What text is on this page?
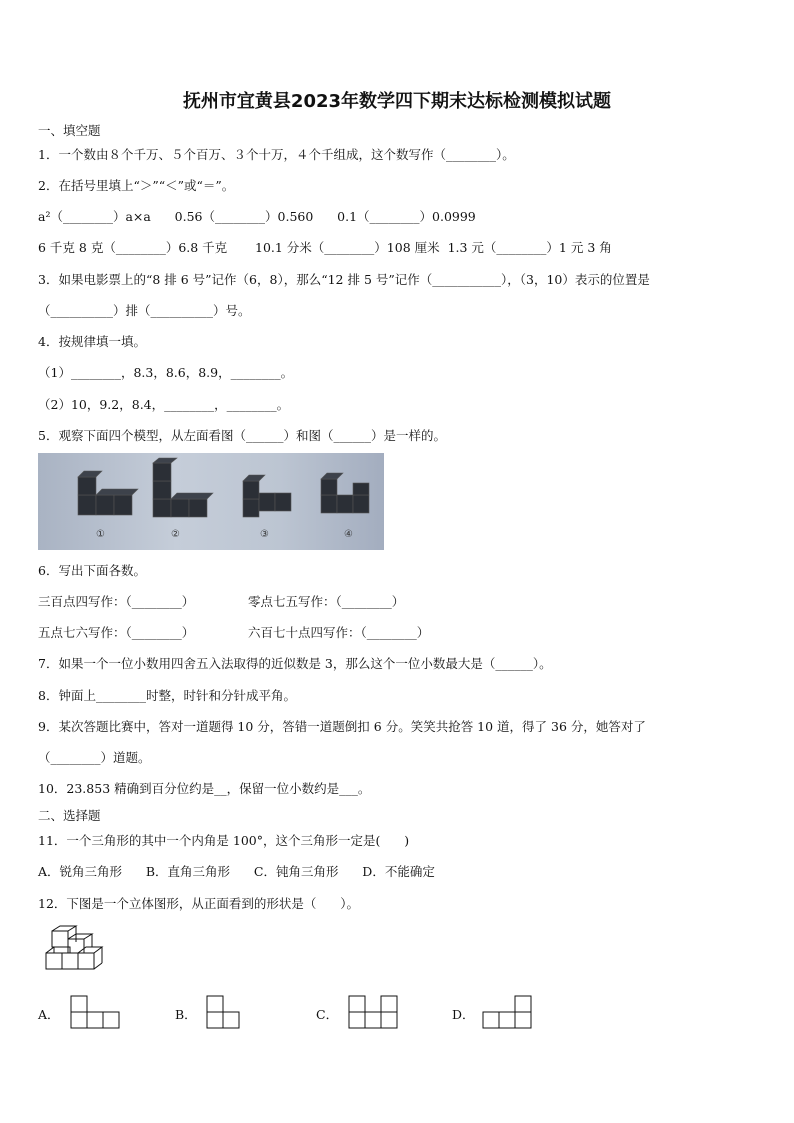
抚州市宜黄县2023年数学四下期末达标检测模拟试题
一、填空题
1．一个数由８个千万、５个百万、３个十万，４个千组成，这个数写作（________）。
2．在括号里填上“＞”“＜”或“＝”。
a²（________）a×a      0.56（________）0.560      0.1（________）0.0999
6 千克 8 克（________）6.8 千克       10.1 分米（________）108 厘米  1.3 元（________）1 元 3 角
3．如果电影票上的“8 排 6 号”记作（6，8），那么“12 排 5 号”记作（___________），（3，10）表示的位置是
（__________）排（__________）号。
4．按规律填一填。
（1）________，8.3，8.6，8.9，________。
（2）10，9.2，8.4，________，________。
5．观察下面四个模型，从左面看图（______）和图（______）是一样的。
①	②	③	④
6．写出下面各数。
三百点四写作：（________）	零点七五写作：（________）
五点七六写作：（________）	六百七十点四写作：（________）
7．如果一个一位小数用四舍五入法取得的近似数是 3，那么这个一位小数最大是（______）。
8．钟面上________时整，时针和分针成平角。
9．某次答题比赛中，答对一道题得 10 分，答错一道题倒扣 6 分。笑笑共抢答 10 道，得了 36 分，她答对了
（________）道题。
10．23.853 精确到百分位约是__，保留一位小数约是___。
二、选择题
11．一个三角形的其中一个内角是 100°，这个三角形一定是(      )
A．锐角三角形      B．直角三角形      C．钝角三角形      D．不能确定
12．下图是一个立体图形，从正面看到的形状是（      ）。
A．	B．	C．	D．
